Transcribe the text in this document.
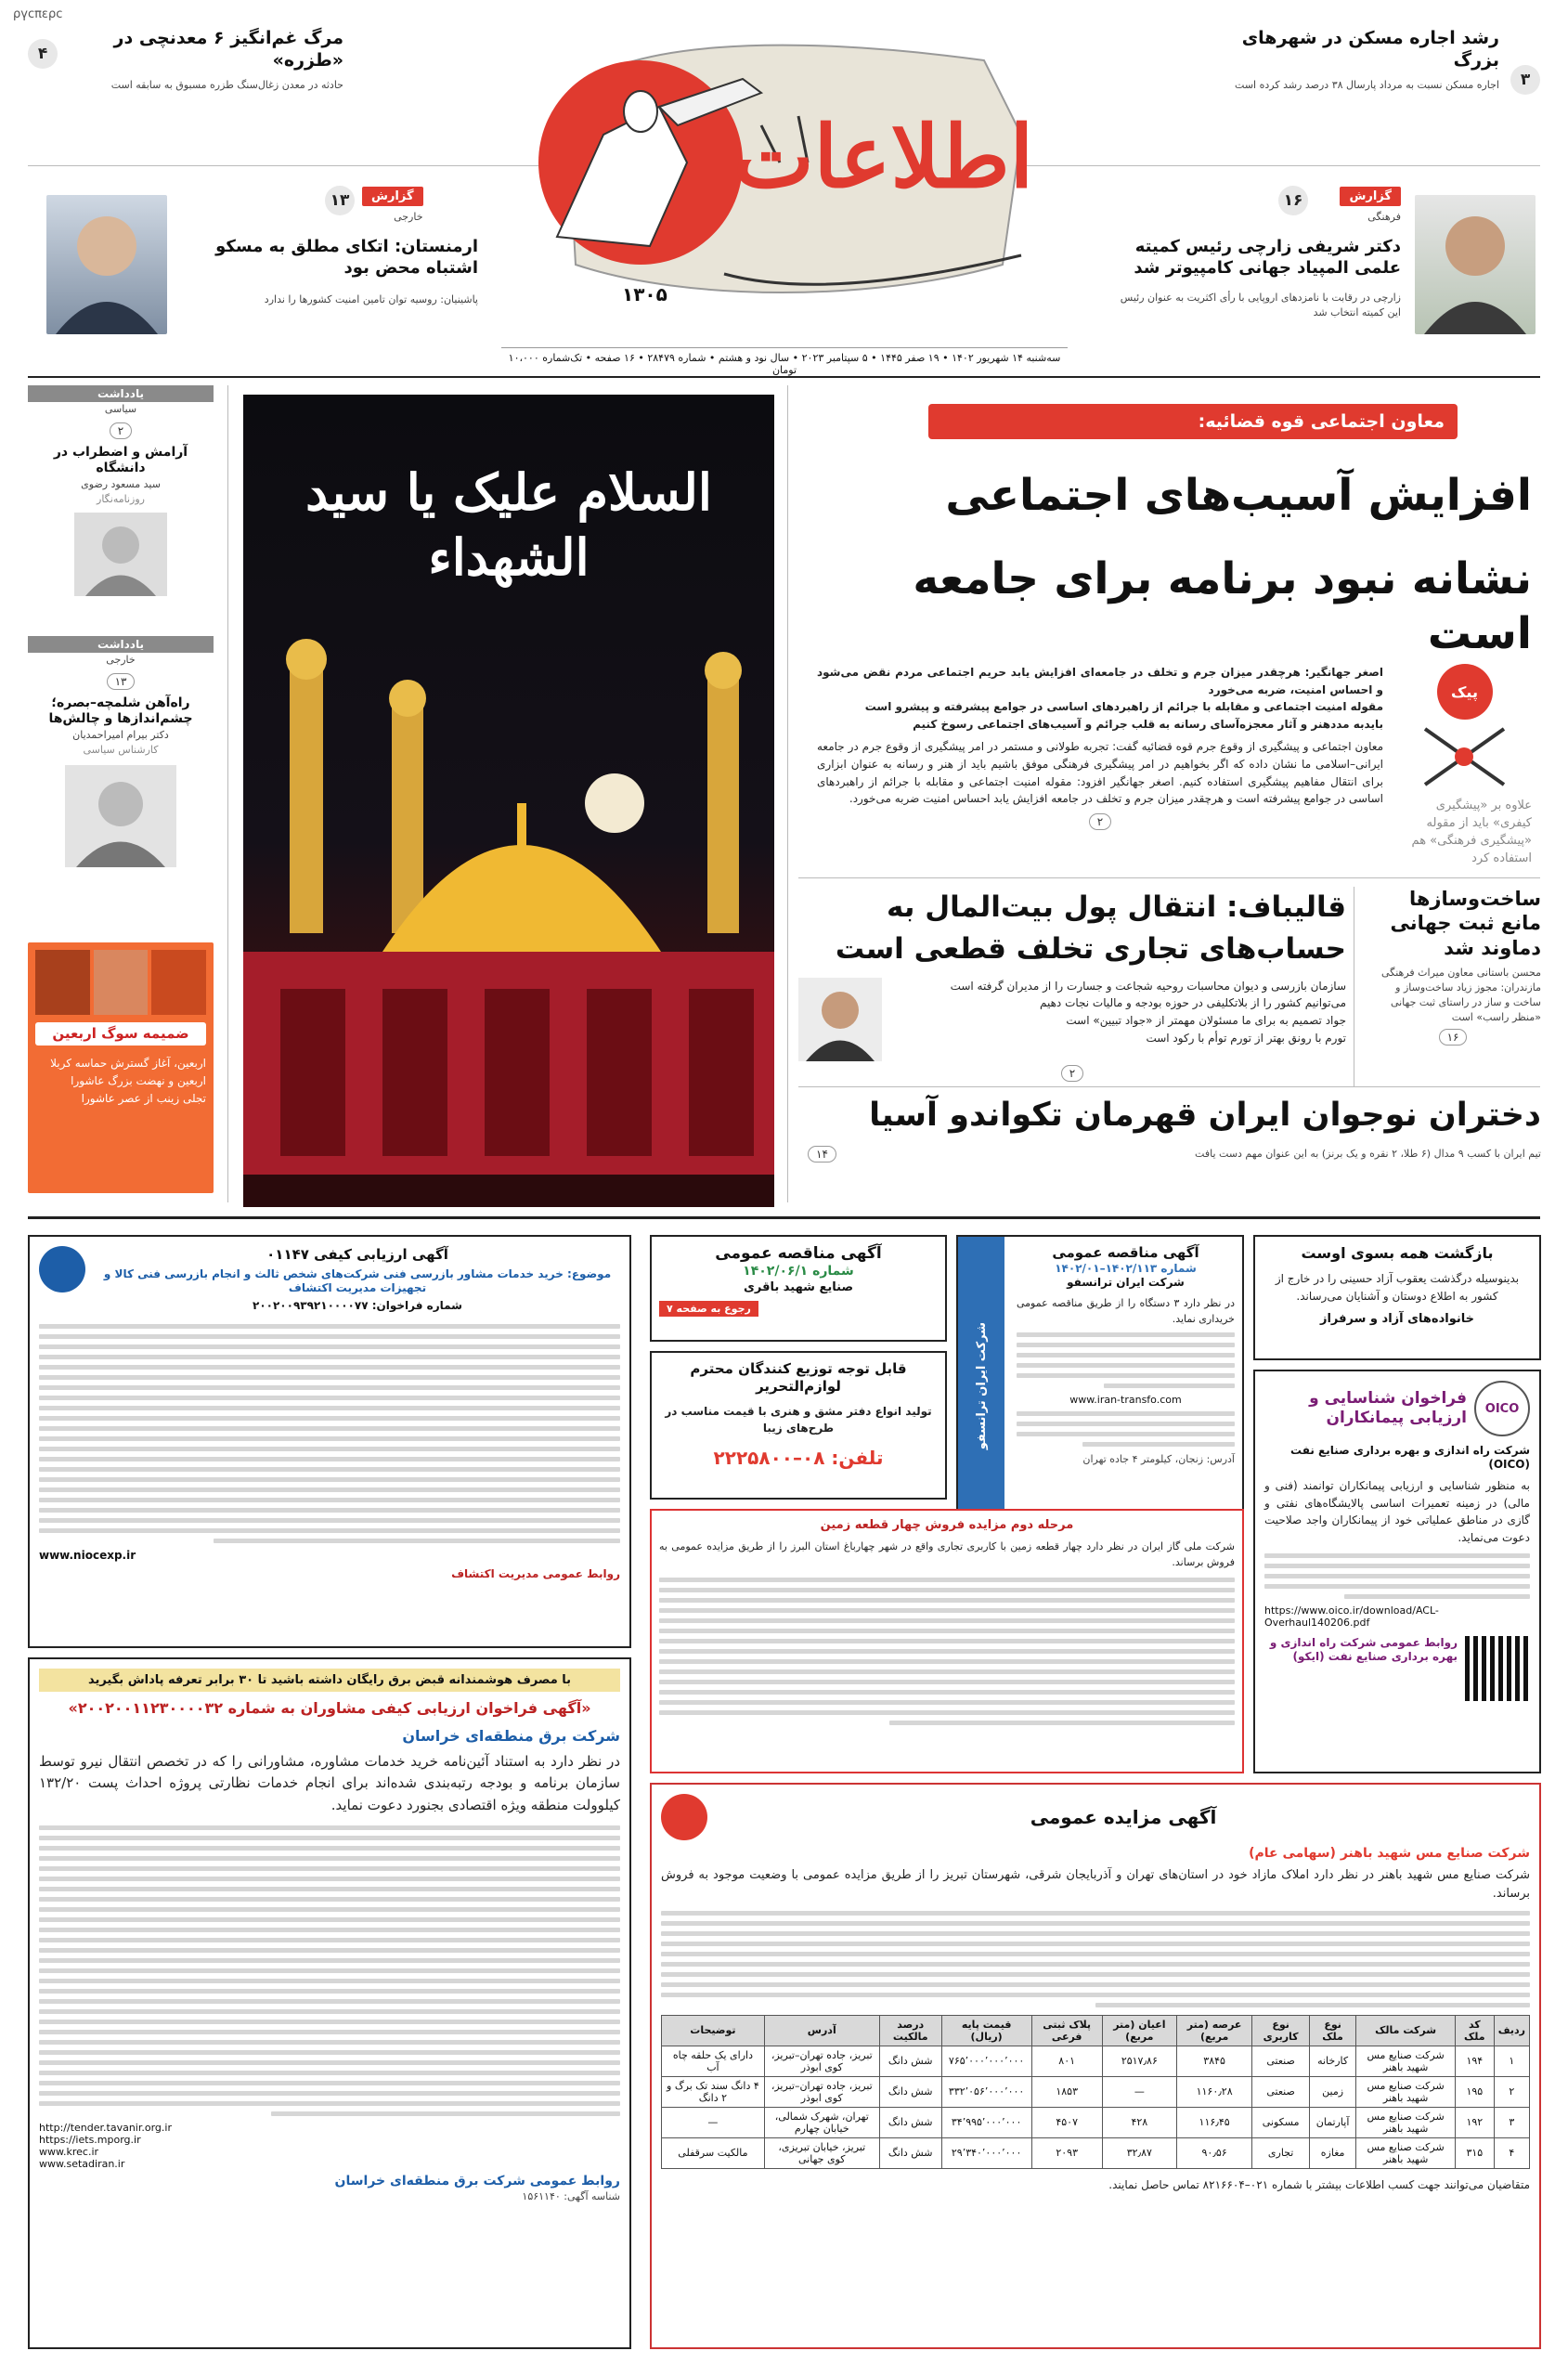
ρүcπερc
۴
مرگ غم‌انگیز ۶ معدنچی در «طزره»
حادثه در معدن زغال‌سنگ طزره مسبوق به سابقه است	۳
رشد اجاره مسکن در شهرهای بزرگ
اجاره مسکن نسبت به مرداد پارسال ۳۸ درصد رشد کرده است
اطلاعات
۱۳۰۵
۱۳	گزارش
خارجی
ارمنستان: اتکای مطلق به مسکو اشتباه محض بود
پاشینیان: روسیه توان تامین امنیت کشورها را ندارد
گزارش
فرهنگی
۱۶
دکتر شریفی زارچی رئیس کمیته علمی المپیاد جهانی کامپیوتر شد
زارچی در رقابت با نامزدهای اروپایی با رأی اکثریت به عنوان رئیس این کمیته انتخاب شد
سه‌شنبه ۱۴ شهریور ۱۴۰۲ • ۱۹ صفر ۱۴۴۵ • ۵ سپتامبر ۲۰۲۳ • سال نود و هشتم • شماره ۲۸۴۷۹ • ۱۶ صفحه • تک‌شماره ۱۰،۰۰۰ تومان
یادداشت
سیاسی
۲
آرامش و اضطراب در دانشگاه
سید مسعود رضوی
روزنامه‌نگار
یادداشت
خارجی
۱۳
راه‌آهن شلمچه–بصره؛ چشم‌اندازها و چالش‌ها
دکتر بیرام امیراحمدیان
کارشناس سیاسی
ضمیمه سوگ اربعین
اربعین، آغاز گسترش حماسه کربلا
اربعین و نهضت بزرگ عاشورا
تجلی زینب از عصر عاشورا
السلام علیک یا سید الشهداء
معاون اجتماعی قوه قضائیه:
افزایش آسیب‌های اجتماعی
نشانه نبود برنامه برای جامعه است
پیک
علاوه بر «پیشگیری کیفری» باید از مقوله «پیشگیری فرهنگی» هم استفاده کرد
اصغر جهانگیر: هرچقدر میزان جرم و تخلف در جامعه‌ای افزایش یابد حریم اجتماعی مردم نقض می‌شود و احساس امنیت، ضربه می‌خورد
مقوله امنیت اجتماعی و مقابله با جرائم از راهبردهای اساسی در جوامع پیشرفته و پیشرو است
بایدبه مددهنر و آثار معجزه‌آسای رسانه به قلب جرائم و آسیب‌های اجتماعی رسوخ کنیم
معاون اجتماعی و پیشگیری از وقوع جرم قوه قضائیه گفت: تجربه طولانی و مستمر در امر پیشگیری از وقوع جرم در جامعه ایرانی–اسلامی ما نشان داده که اگر بخواهیم در امر پیشگیری فرهنگی موفق باشیم باید از هنر و رسانه به عنوان ابزاری برای انتقال مفاهیم پیشگیری استفاده کنیم. اصغر جهانگیر افزود: مقوله امنیت اجتماعی و مقابله با جرائم از راهبردهای اساسی در جوامع پیشرفته است و هرچقدر میزان جرم و تخلف در جامعه افزایش یابد احساس امنیت ضربه می‌خورد.
۲
قالیباف: انتقال پول بیت‌المال به حساب‌های تجاری تخلف قطعی است
سازمان بازرسی و دیوان محاسبات روحیه شجاعت و جسارت را از مدیران گرفته است
می‌توانیم کشور را از بلاتکلیفی در حوزه بودجه و مالیات نجات دهیم
جواد تصمیم به برای ما مسئولان مهمتر از «جواد تبیین» است
تورم با رونق بهتر از تورم توأم با رکود است
۲
ساخت‌وسازها مانع ثبت جهانی دماوند شد
محسن باستانی معاون میراث فرهنگی مازندران: مجوز زیاد ساخت‌وساز و ساخت و ساز در راستای ثبت جهانی «منظر راسب» است
۱۶
دختران نوجوان ایران قهرمان تکواندو آسیا
تیم ایران با کسب ۹ مدال (۶ طلا، ۲ نقره و یک برنز) به این عنوان مهم دست یافت
۱۴
بازگشت همه بسوی اوست
بدینوسیله درگذشت یعقوب آزاد حسینی را در خارج از کشور به اطلاع دوستان و آشنایان می‌رساند.
خانواده‌های آزاد و سرفراز
OICO
فراخوان شناسایی و ارزیابی پیمانکاران
شرکت راه اندازی و بهره برداری صنایع نفت (OICO)
به منظور شناسایی و ارزیابی پیمانکاران توانمند (فنی و مالی) در زمینه تعمیرات اساسی پالایشگاه‌های نفتی و گازی در مناطق عملیاتی خود از پیمانکاران واجد صلاحیت دعوت می‌نماید.
https://www.oico.ir/download/ACL-Overhaul140206.pdf
روابط عمومی شرکت راه اندازی و بهره برداری صنایع نفت (ایکو)
شرکت ایران ترانسفو
آگهی مناقصه عمومی
شماره ۱۴۰۲/۱۱۳–۱۴۰۲/۰۱
شرکت ایران ترانسفو
در نظر دارد ۳ دستگاه را از طریق مناقصه عمومی خریداری نماید.
www.iran-transfo.com
آدرس: زنجان، کیلومتر ۴ جاده تهران
آگهی مناقصه عمومی
شماره ۱۴۰۲/۰۶/۱
صنایع شهید باقری
رجوع به صفحه ۷
قابل توجه توزیع کنندگان محترم لوازم‌التحریر
تولید انواع دفتر مشق و هنری با قیمت مناسب در طرح‌های زیبا
تلفن: ۰۸–۲۲۲۵۸۰۰
مرحله دوم مزایده فروش چهار قطعه زمین
شرکت ملی گاز ایران در نظر دارد چهار قطعه زمین با کاربری تجاری واقع در شهر چهارباغ استان البرز را از طریق مزایده عمومی به فروش برساند.
آگهی ارزیابی کیفی ۰۱۱۴۷
موضوع: خرید خدمات مشاور بازرسی فنی شرکت‌های شخص ثالث و انجام بازرسی فنی کالا و تجهیزات مدیریت اکتشاف
شماره فراخوان: ۲۰۰۲۰۰۹۳۹۲۱۰۰۰۰۷۷
www.niocexp.ir
روابط عمومی مدیریت اکتشاف
با مصرف هوشمندانه قبض برق رایگان داشته باشید تا ۳۰ برابر تعرفه پاداش بگیرید
«آگهی فراخوان ارزیابی کیفی مشاوران به شماره ۲۰۰۲۰۰۱۱۲۳۰۰۰۰۳۲»
شرکت برق منطقه‌ای خراسان
در نظر دارد به استناد آئین‌نامه خرید خدمات مشاوره، مشاورانی را که در تخصص انتقال نیرو توسط سازمان برنامه و بودجه رتبه‌بندی شده‌اند برای انجام خدمات نظارتی پروژه احداث پست ۱۳۲/۲۰ کیلوولت منطقه ویژه اقتصادی بجنورد دعوت نماید.
http://tender.tavanir.org.ir
https://iets.mporg.ir
www.krec.ir
www.setadiran.ir
روابط عمومی شرکت برق منطقه‌ای خراسان
شناسه آگهی: ۱۵۶۱۱۴۰
آگهی مزایده عمومی
شرکت صنایع مس شهید باهنر (سهامی عام)
شرکت صنایع مس شهید باهنر در نظر دارد املاک مازاد خود در استان‌های تهران و آذربایجان شرقی، شهرستان تبریز را از طریق مزایده عمومی با وضعیت موجود به فروش برساند.
ردیف	کد ملک	شرکت مالک	نوع ملک	نوع کاربری	عرصه (متر مربع)	اعیان (متر مربع)	پلاک ثبتی فرعی	قیمت پایه (ریال)	درصد مالکیت	آدرس	توضیحات
۱	۱۹۴	شرکت صنایع مس شهید باهنر	کارخانه	صنعتی	۳۸۴۵	۲۵۱۷٫۸۶	۸۰۱	۷۶۵٬۰۰۰٬۰۰۰٬۰۰۰	شش دانگ	تبریز، جاده تهران–تبریز، کوی ابوذر	دارای یک حلقه چاه آب
۲	۱۹۵	شرکت صنایع مس شهید باهنر	زمین	صنعتی	۱۱۶۰٫۲۸	—	۱۸۵۳	۳۳۲٬۰۵۶٬۰۰۰٬۰۰۰	شش دانگ	تبریز، جاده تهران–تبریز، کوی ابوذر	۴ دانگ سند تک برگ و ۲ دانگ
۳	۱۹۲	شرکت صنایع مس شهید باهنر	آپارتمان	مسکونی	۱۱۶٫۴۵	۴۲۸	۴۵۰۷	۳۴٬۹۹۵٬۰۰۰٬۰۰۰	شش دانگ	تهران، شهرک شمالی، خیابان چهارم	—
۴	۳۱۵	شرکت صنایع مس شهید باهنر	مغازه	تجاری	۹۰٫۵۶	۳۲٫۸۷	۲۰۹۳	۲۹٬۳۴۰٬۰۰۰٬۰۰۰	شش دانگ	تبریز، خیابان تبریزی، کوی جهانی	مالکیت سرقفلی
متقاضیان می‌توانند جهت کسب اطلاعات بیشتر با شماره ۰۲۱–۸۲۱۶۶۰۴ تماس حاصل نمایند.
